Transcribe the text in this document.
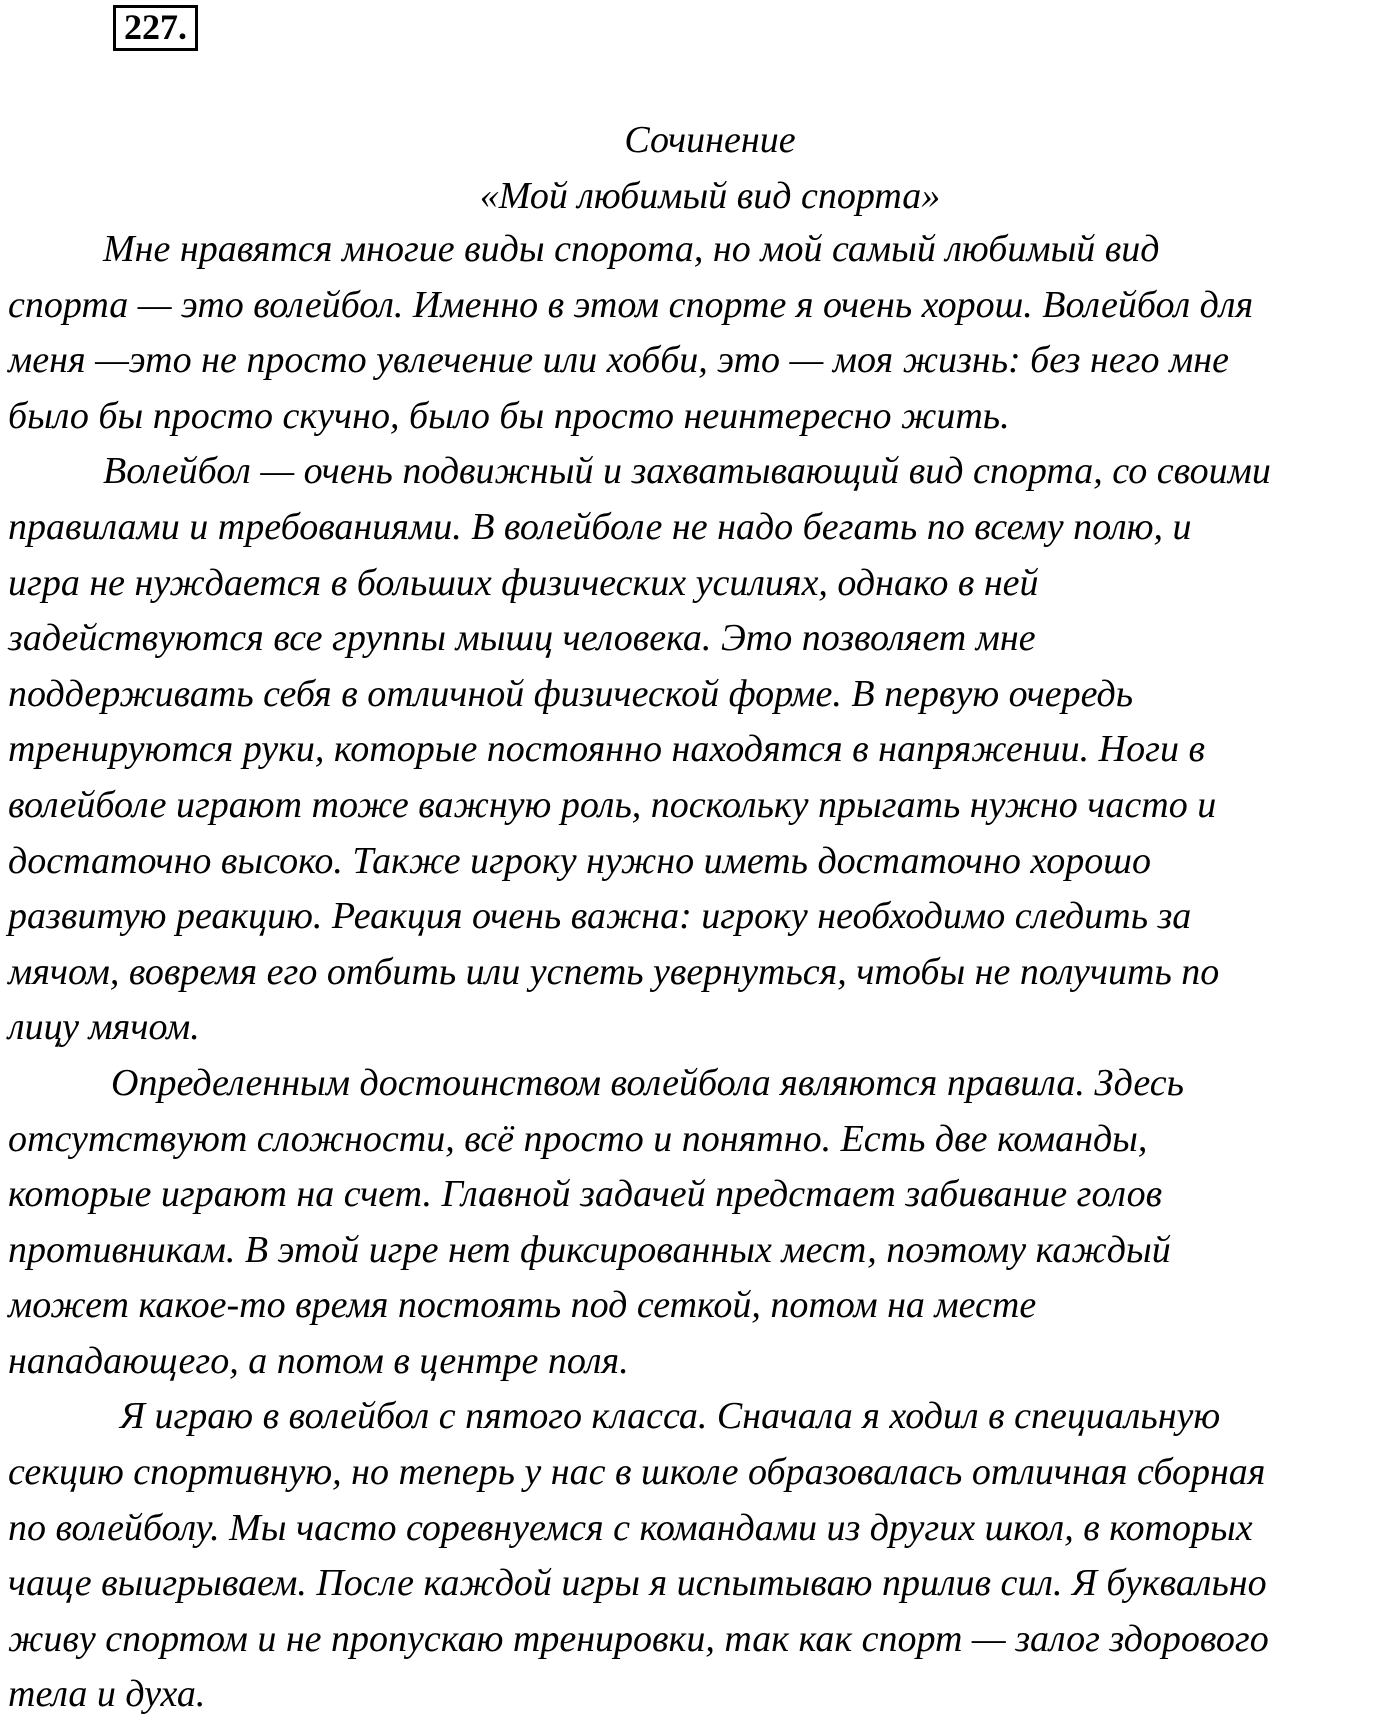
227.
Сочинение
«Мой любимый вид спорта»
Мне нравятся многие виды спорота, но мой самый любимый вид
спорта — это волейбол. Именно в этом спорте я очень хорош. Волейбол для
меня —это не просто увлечение или хобби, это — моя жизнь: без него мне
было бы просто скучно, было бы просто неинтересно жить.
Волейбол — очень подвижный и захватывающий вид спорта, со своими
правилами и требованиями. В волейболе не надо бегать по всему полю, и
игра не нуждается в больших физических усилиях, однако в ней
задействуются все группы мышц человека. Это позволяет мне
поддерживать себя в отличной физической форме. В первую очередь
тренируются руки, которые постоянно находятся в напряжении. Ноги в
волейболе играют тоже важную роль, поскольку прыгать нужно часто и
достаточно высоко. Также игроку нужно иметь достаточно хорошо
развитую реакцию. Реакция очень важна: игроку необходимо следить за
мячом, вовремя его отбить или успеть увернуться, чтобы не получить по
лицу мячом.
Определенным достоинством волейбола являются правила. Здесь
отсутствуют сложности, всё просто и понятно. Есть две команды,
которые играют на счет. Главной задачей предстает забивание голов
противникам. В этой игре нет фиксированных мест, поэтому каждый
может какое-то время постоять под сеткой, потом на месте
нападающего, а потом в центре поля.
Я играю в волейбол с пятого класса. Сначала я ходил в специальную
секцию спортивную, но теперь у нас в школе образовалась отличная сборная
по волейболу. Мы часто соревнуемся с командами из других школ, в которых
чаще выигрываем. После каждой игры я испытываю прилив сил. Я буквально
живу спортом и не пропускаю тренировки, так как спорт — залог здорового
тела и духа.
